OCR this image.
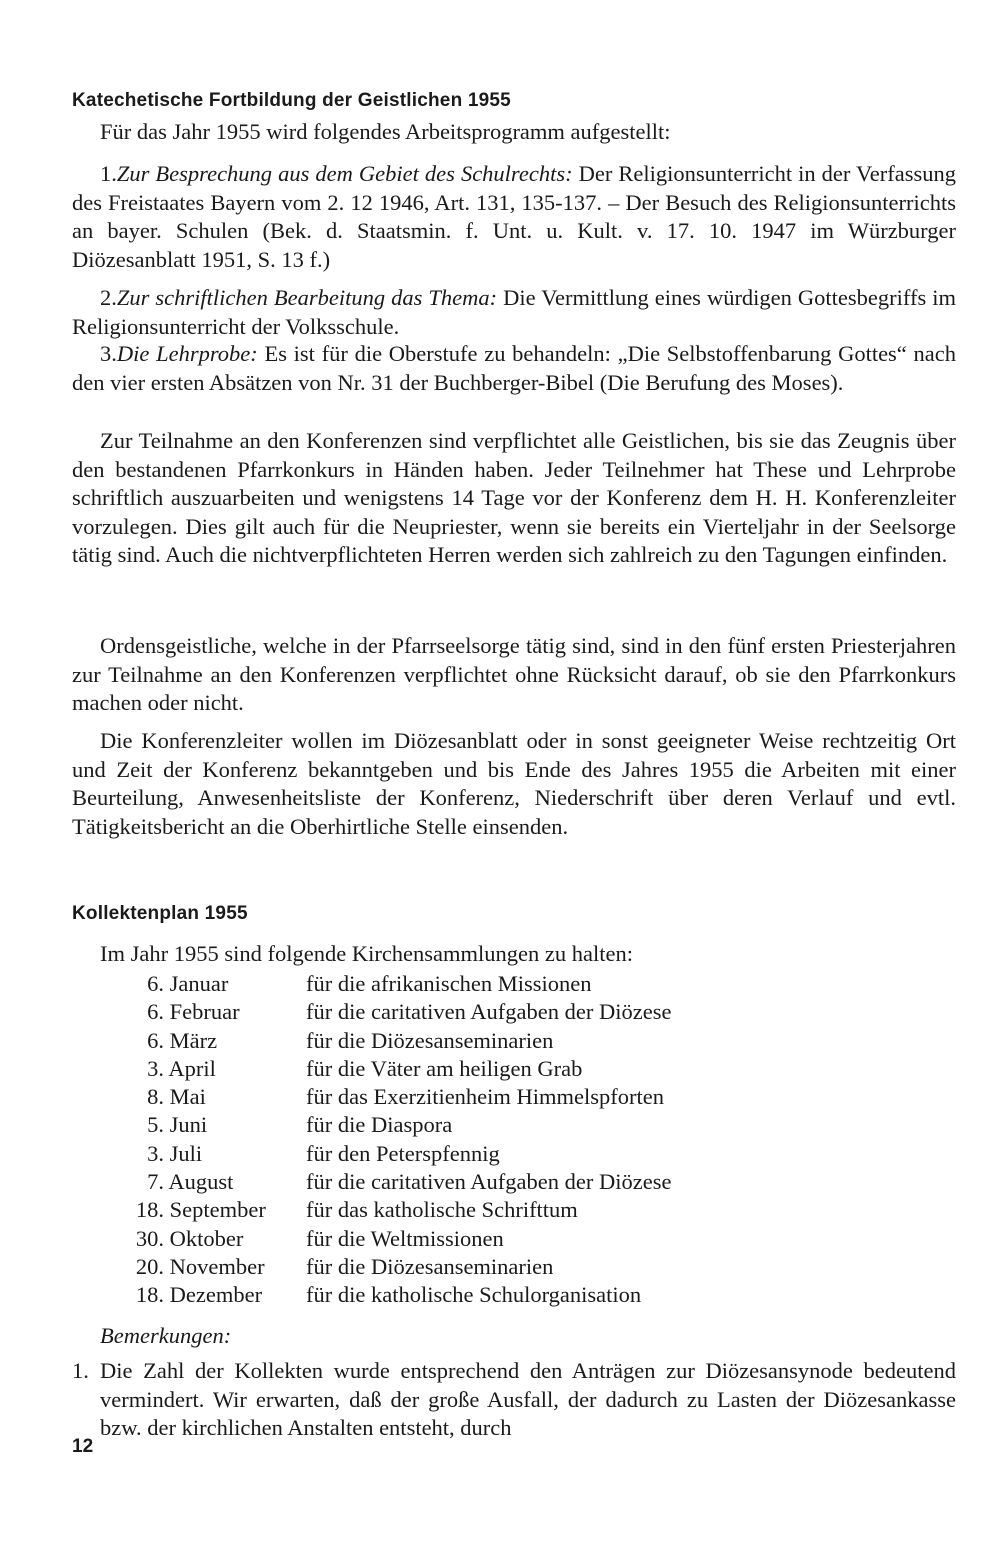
Katechetische Fortbildung der Geistlichen 1955

Für das Jahr 1955 wird folgendes Arbeitsprogramm aufgestellt:

1.Zur Besprechung aus dem Gebiet des Schulrechts: Der Religionsunterricht in der Verfassung des Freistaates Bayern vom 2. 12 1946, Art. 131, 135-137. – Der Besuch des Religionsunterrichts an bayer. Schulen (Bek. d. Staatsmin. f. Unt. u. Kult. v. 17. 10. 1947 im Würzburger Diözesanblatt 1951, S. 13 f.)

2.Zur schriftlichen Bearbeitung das Thema: Die Vermittlung eines würdigen Gottesbegriffs im Religionsunterricht der Volksschule.

3.Die Lehrprobe: Es ist für die Oberstufe zu behandeln: „Die Selbstoffenbarung Gottes“ nach den vier ersten Absätzen von Nr. 31 der Buchberger-Bibel (Die Berufung des Moses).

Zur Teilnahme an den Konferenzen sind verpflichtet alle Geistlichen, bis sie das Zeugnis über den bestandenen Pfarrkonkurs in Händen haben. Jeder Teilnehmer hat These und Lehrprobe schriftlich auszuarbeiten und wenigstens 14 Tage vor der Konferenz dem H. H. Konferenzleiter vorzulegen. Dies gilt auch für die Neupriester, wenn sie bereits ein Vierteljahr in der Seelsorge tätig sind. Auch die nichtverpflichteten Herren werden sich zahlreich zu den Tagungen einfinden.

Ordensgeistliche, welche in der Pfarrseelsorge tätig sind, sind in den fünf ersten Priesterjahren zur Teilnahme an den Konferenzen verpflichtet ohne Rücksicht darauf, ob sie den Pfarrkonkurs machen oder nicht.

Die Konferenzleiter wollen im Diözesanblatt oder in sonst geeigneter Weise rechtzeitig Ort und Zeit der Konferenz bekanntgeben und bis Ende des Jahres 1955 die Arbeiten mit einer Beurteilung, Anwesenheitsliste der Konferenz, Niederschrift über deren Verlauf und evtl. Tätigkeitsbericht an die Oberhirtliche Stelle einsenden.

Kollektenplan 1955

Im Jahr 1955 sind folgende Kirchensammlungen zu halten:

6. Januar	für die afrikanischen Missionen
6. Februar	für die caritativen Aufgaben der Diözese
6. März	für die Diözesanseminarien
3. April	für die Väter am heiligen Grab
8. Mai	für das Exerzitienheim Himmelspforten
5. Juni	für die Diaspora
3. Juli	für den Peterspfennig
7. August	für die caritativen Aufgaben der Diözese
18. September	für das katholische Schrifttum
30. Oktober	für die Weltmissionen
20. November	für die Diözesanseminarien
18. Dezember	für die katholische Schulorganisation
Bemerkungen:
1. Die Zahl der Kollekten wurde entsprechend den Anträgen zur Diözesansynode bedeutend vermindert. Wir erwarten, daß der große Ausfall, der dadurch zu Lasten der Diözesankasse bzw. der kirchlichen Anstalten entsteht, durch
12
